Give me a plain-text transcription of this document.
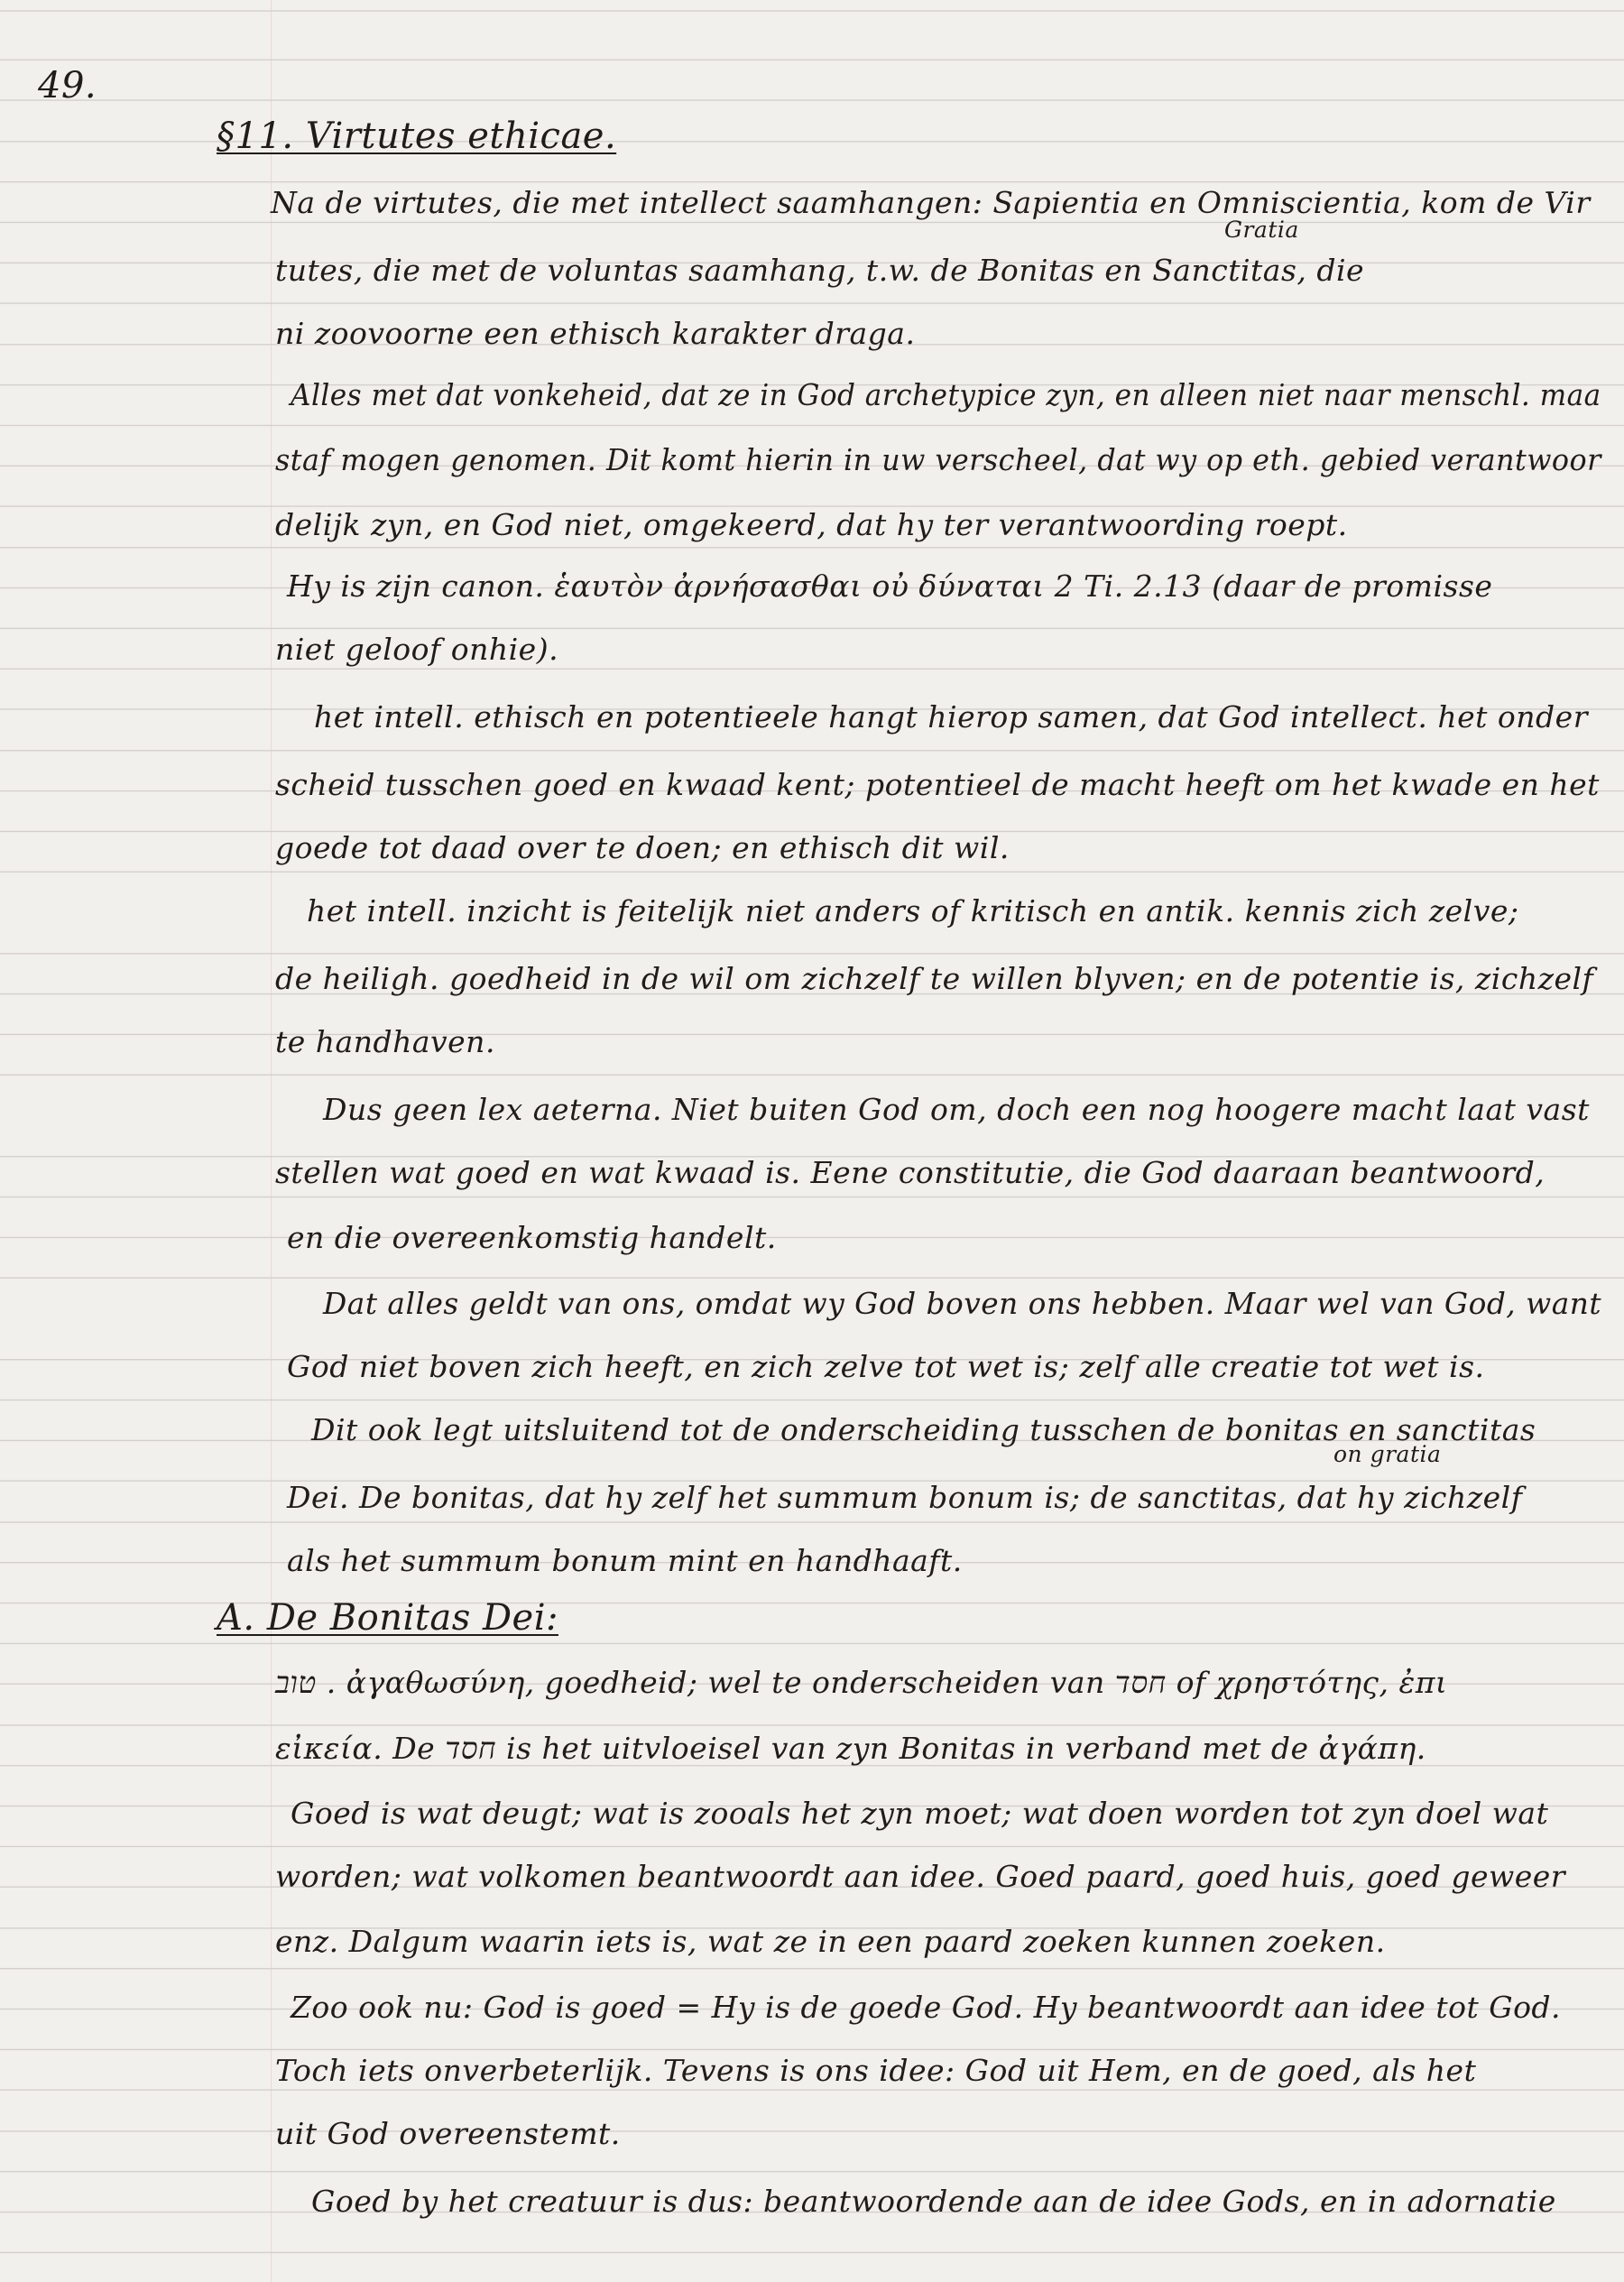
49.
§11. Virtutes ethicae.
Gratia
on gratia
Na de virtutes, die met intellect saamhangen: Sapientia en Omniscientia, kom de Vir
tutes, die met de voluntas saamhang, t.w. de Bonitas en Sanctitas, die
ni zoovoorne een ethisch karakter draga.
Alles met dat vonkeheid, dat ze in God archetypice zyn, en alleen niet naar menschl. maa
staf mogen genomen. Dit komt hierin in uw verscheel, dat wy op eth. gebied verantwoor
delijk zyn, en God niet, omgekeerd, dat hy ter verantwoording roept.
Hy is zijn canon. ἑαυτὸν ἀρνήσασθαι οὐ δύναται 2 Ti. 2.13 (daar de promisse
niet geloof onhie).
het intell. ethisch en potentieele hangt hierop samen, dat God intellect. het onder
scheid tusschen goed en kwaad kent; potentieel de macht heeft om het kwade en het
goede tot daad over te doen; en ethisch dit wil.
het intell. inzicht is feitelijk niet anders of kritisch en antik. kennis zich zelve;
de heiligh. goedheid in de wil om zichzelf te willen blyven; en de potentie is, zichzelf
te handhaven.
Dus geen lex aeterna. Niet buiten God om, doch een nog hoogere macht laat vast
stellen wat goed en wat kwaad is. Eene constitutie, die God daaraan beantwoord,
en die overeenkomstig handelt.
Dat alles geldt van ons, omdat wy God boven ons hebben. Maar wel van God, want
God niet boven zich heeft, en zich zelve tot wet is; zelf alle creatie tot wet is.
Dit ook legt uitsluitend tot de onderscheiding tusschen de bonitas en sanctitas
Dei. De bonitas, dat hy zelf het summum bonum is; de sanctitas, dat hy zichzelf
als het summum bonum mint en handhaaft.
A. De Bonitas Dei:
טוב . ἀγαθωσύνη, goedheid; wel te onderscheiden van חסד of χρηστότης, ἐπι
εἰκεία. De חסד is het uitvloeisel van zyn Bonitas in verband met de ἀγάπη.
Goed is wat deugt; wat is zooals het zyn moet; wat doen worden tot zyn doel wat
worden; wat volkomen beantwoordt aan idee. Goed paard, goed huis, goed geweer
enz. Dalgum waarin iets is, wat ze in een paard zoeken kunnen zoeken.
Zoo ook nu: God is goed = Hy is de goede God. Hy beantwoordt aan idee tot God.
Toch iets onverbeterlijk. Tevens is ons idee: God uit Hem, en de goed, als het
uit God overeenstemt.
Goed by het creatuur is dus: beantwoordende aan de idee Gods, en in adornatie
